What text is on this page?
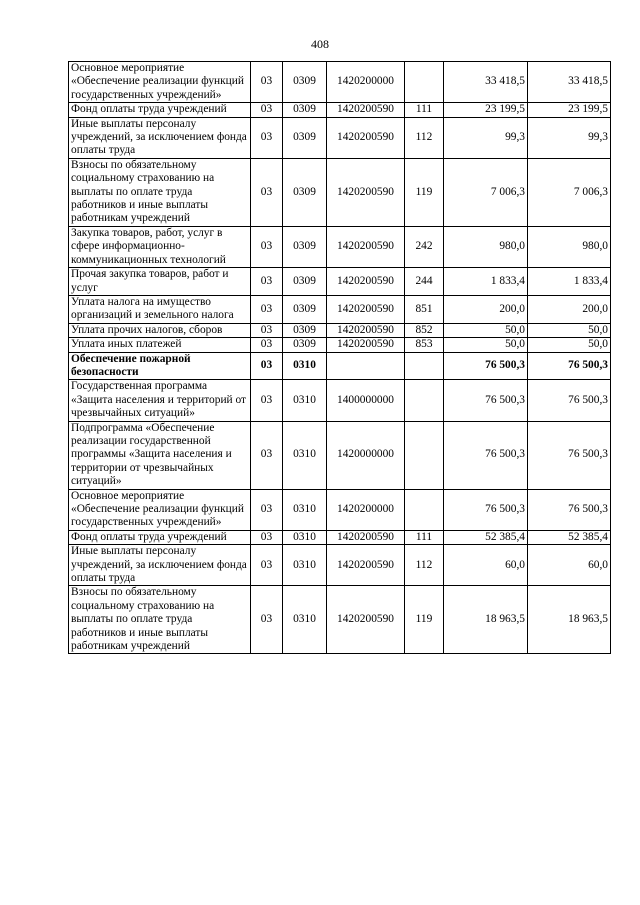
408
Основное мероприятие «Обеспечение реализации функций государственных учреждений»	03	0309	1420200000		33 418,5	33 418,5
Фонд оплаты труда учреждений	03	0309	1420200590	111	23 199,5	23 199,5
Иные выплаты персоналу учреждений, за исключением фонда оплаты труда	03	0309	1420200590	112	99,3	99,3
Взносы по обязательному социальному страхованию на выплаты по оплате труда работников и иные выплаты работникам учреждений	03	0309	1420200590	119	7 006,3	7 006,3
Закупка товаров, работ, услуг в сфере информационно-коммуникационных технологий	03	0309	1420200590	242	980,0	980,0
Прочая закупка товаров, работ и услуг	03	0309	1420200590	244	1 833,4	1 833,4
Уплата налога на имущество организаций и земельного налога	03	0309	1420200590	851	200,0	200,0
Уплата прочих налогов, сборов	03	0309	1420200590	852	50,0	50,0
Уплата иных платежей	03	0309	1420200590	853	50,0	50,0
Обеспечение пожарной безопасности	03	0310			76 500,3	76 500,3
Государственная программа «Защита населения и территорий от чрезвычайных ситуаций»	03	0310	1400000000		76 500,3	76 500,3
Подпрограмма «Обеспечение реализации государственной программы «Защита населения и территории от чрезвычайных ситуаций»	03	0310	1420000000		76 500,3	76 500,3
Основное мероприятие «Обеспечение реализации функций государственных учреждений»	03	0310	1420200000		76 500,3	76 500,3
Фонд оплаты труда учреждений	03	0310	1420200590	111	52 385,4	52 385,4
Иные выплаты персоналу учреждений, за исключением фонда оплаты труда	03	0310	1420200590	112	60,0	60,0
Взносы по обязательному социальному страхованию на выплаты по оплате труда работников и иные выплаты работникам учреждений	03	0310	1420200590	119	18 963,5	18 963,5
